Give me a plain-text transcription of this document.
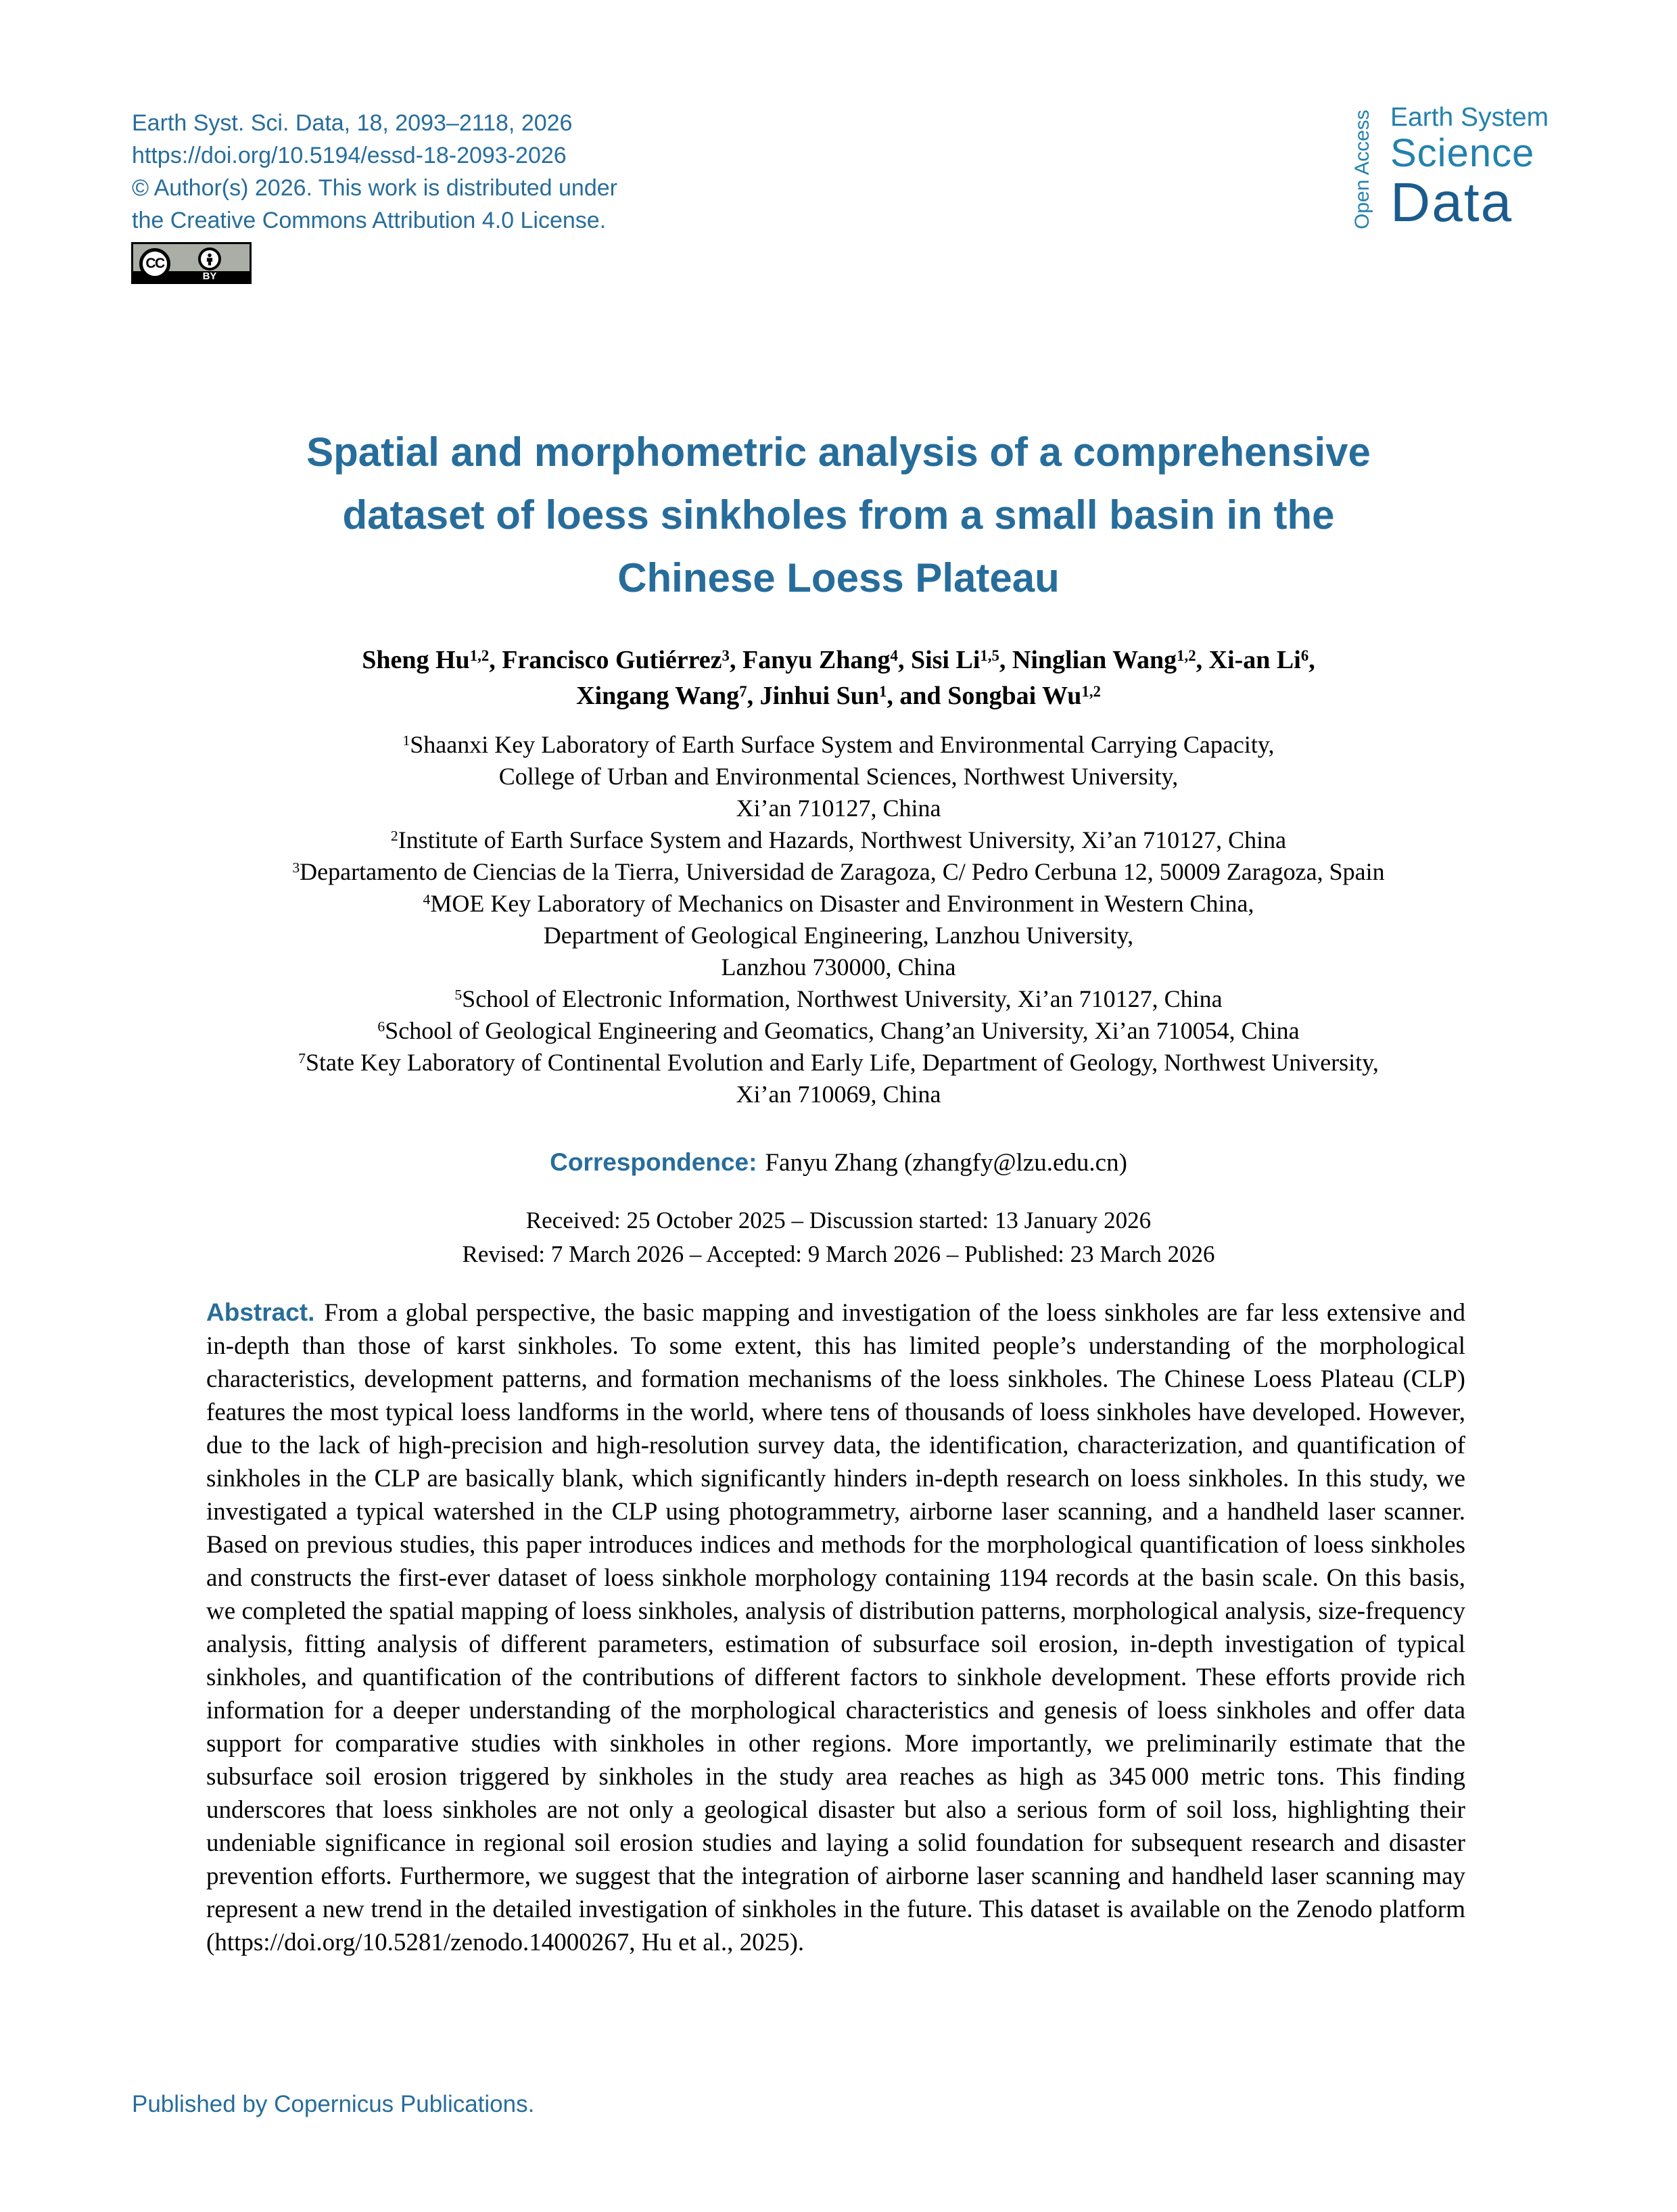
Earth Syst. Sci. Data, 18, 2093–2118, 2026
https://doi.org/10.5194/essd-18-2093-2026
© Author(s) 2026. This work is distributed under
the Creative Commons Attribution 4.0 License.
CC
BY
Open Access Earth System
Science
Data
Spatial and morphometric analysis of a comprehensive
dataset of loess sinkholes from a small basin in the
Chinese Loess Plateau
Sheng Hu$^{1,2}$, Francisco Gutiérrez$^3$, Fanyu Zhang$^4$, Sisi Li$^{1,5}$, Ninglian Wang$^{1,2}$, Xi-an Li$^6$,
Xingang Wang$^7$, Jinhui Sun$^1$, and Songbai Wu$^{1,2}$
$^1$Shaanxi Key Laboratory of Earth Surface System and Environmental Carrying Capacity,
College of Urban and Environmental Sciences, Northwest University,
Xi’an 710127, China
$^2$Institute of Earth Surface System and Hazards, Northwest University, Xi’an 710127, China
$^3$Departamento de Ciencias de la Tierra, Universidad de Zaragoza, C/ Pedro Cerbuna 12, 50009 Zaragoza, Spain
$^4$MOE Key Laboratory of Mechanics on Disaster and Environment in Western China,
Department of Geological Engineering, Lanzhou University,
Lanzhou 730000, China
$^5$School of Electronic Information, Northwest University, Xi’an 710127, China
$^6$School of Geological Engineering and Geomatics, Chang’an University, Xi’an 710054, China
$^7$State Key Laboratory of Continental Evolution and Early Life, Department of Geology, Northwest University,
Xi’an 710069, China
Correspondence: Fanyu Zhang (zhangfy@lzu.edu.cn)
Received: 25 October 2025 – Discussion started: 13 January 2026
Revised: 7 March 2026 – Accepted: 9 March 2026 – Published: 23 March 2026
Abstract. From a global perspective, the basic mapping and investigation of the loess sinkholes are far less extensive and in-depth than those of karst sinkholes. To some extent, this has limited people’s understanding of the morphological characteristics, development patterns, and formation mechanisms of the loess sinkholes. The Chinese Loess Plateau (CLP) features the most typical loess landforms in the world, where tens of thousands of loess sinkholes have developed. However, due to the lack of high-precision and high-resolution survey data, the identification, characterization, and quantification of sinkholes in the CLP are basically blank, which significantly hinders in-depth research on loess sinkholes. In this study, we investigated a typical watershed in the CLP using photogrammetry, airborne laser scanning, and a handheld laser scanner. Based on previous studies, this paper introduces indices and methods for the morphological quantification of loess sinkholes and constructs the first-ever dataset of loess sinkhole morphology containing 1194 records at the basin scale. On this basis, we completed the spatial mapping of loess sinkholes, analysis of distribution patterns, morphological analysis, size-frequency analysis, fitting analysis of different parameters, estimation of subsurface soil erosion, in-depth investigation of typical sinkholes, and quantification of the contributions of different factors to sinkhole development. These efforts provide rich information for a deeper understanding of the morphological characteristics and genesis of loess sinkholes and offer data support for comparative studies with sinkholes in other regions. More importantly, we preliminarily estimate that the subsurface soil erosion triggered by sinkholes in the study area reaches as high as 345 000 metric tons. This finding underscores that loess sinkholes are not only a geological disaster but also a serious form of soil loss, highlighting their undeniable significance in regional soil erosion studies and laying a solid foundation for subsequent research and disaster prevention efforts. Furthermore, we suggest that the integration of airborne laser scanning and handheld laser scanning may represent a new trend in the detailed investigation of sinkholes in the future. This dataset is available on the Zenodo platform (https://doi.org/10.5281/zenodo.14000267, Hu et al., 2025).
Published by Copernicus Publications.
